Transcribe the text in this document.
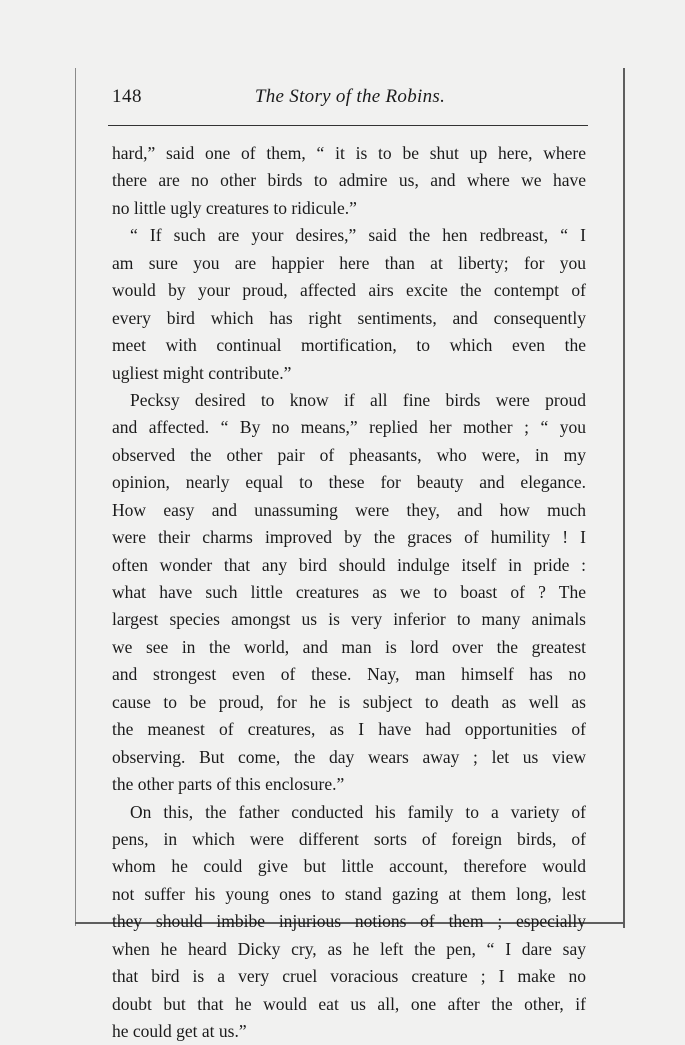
148	The Story of the Robins.
hard,” said one of them, “ it is to be shut up here, where
there are no other birds to admire us, and where we have
no little ugly creatures to ridicule.”
“ If such are your desires,” said the hen redbreast, “ I
am sure you are happier here than at liberty; for you
would by your proud, affected airs excite the contempt of
every bird which has right sentiments, and consequently
meet with continual mortification, to which even the
ugliest might contribute.”
Pecksy desired to know if all fine birds were proud
and affected. “ By no means,” replied her mother ; “ you
observed the other pair of pheasants, who were, in my
opinion, nearly equal to these for beauty and elegance.
How easy and unassuming were they, and how much
were their charms improved by the graces of humility ! I
often wonder that any bird should indulge itself in pride :
what have such little creatures as we to boast of ? The
largest species amongst us is very inferior to many animals
we see in the world, and man is lord over the greatest
and strongest even of these. Nay, man himself has no
cause to be proud, for he is subject to death as well as
the meanest of creatures, as I have had opportunities of
observing. But come, the day wears away ; let us view
the other parts of this enclosure.”
On this, the father conducted his family to a variety of
pens, in which were different sorts of foreign birds, of
whom he could give but little account, therefore would
not suffer his young ones to stand gazing at them long, lest
they should imbibe injurious notions of them ; especially
when he heard Dicky cry, as he left the pen, “ I dare say
that bird is a very cruel voracious creature ; I make no
doubt but that he would eat us all, one after the other, if
he could get at us.”
